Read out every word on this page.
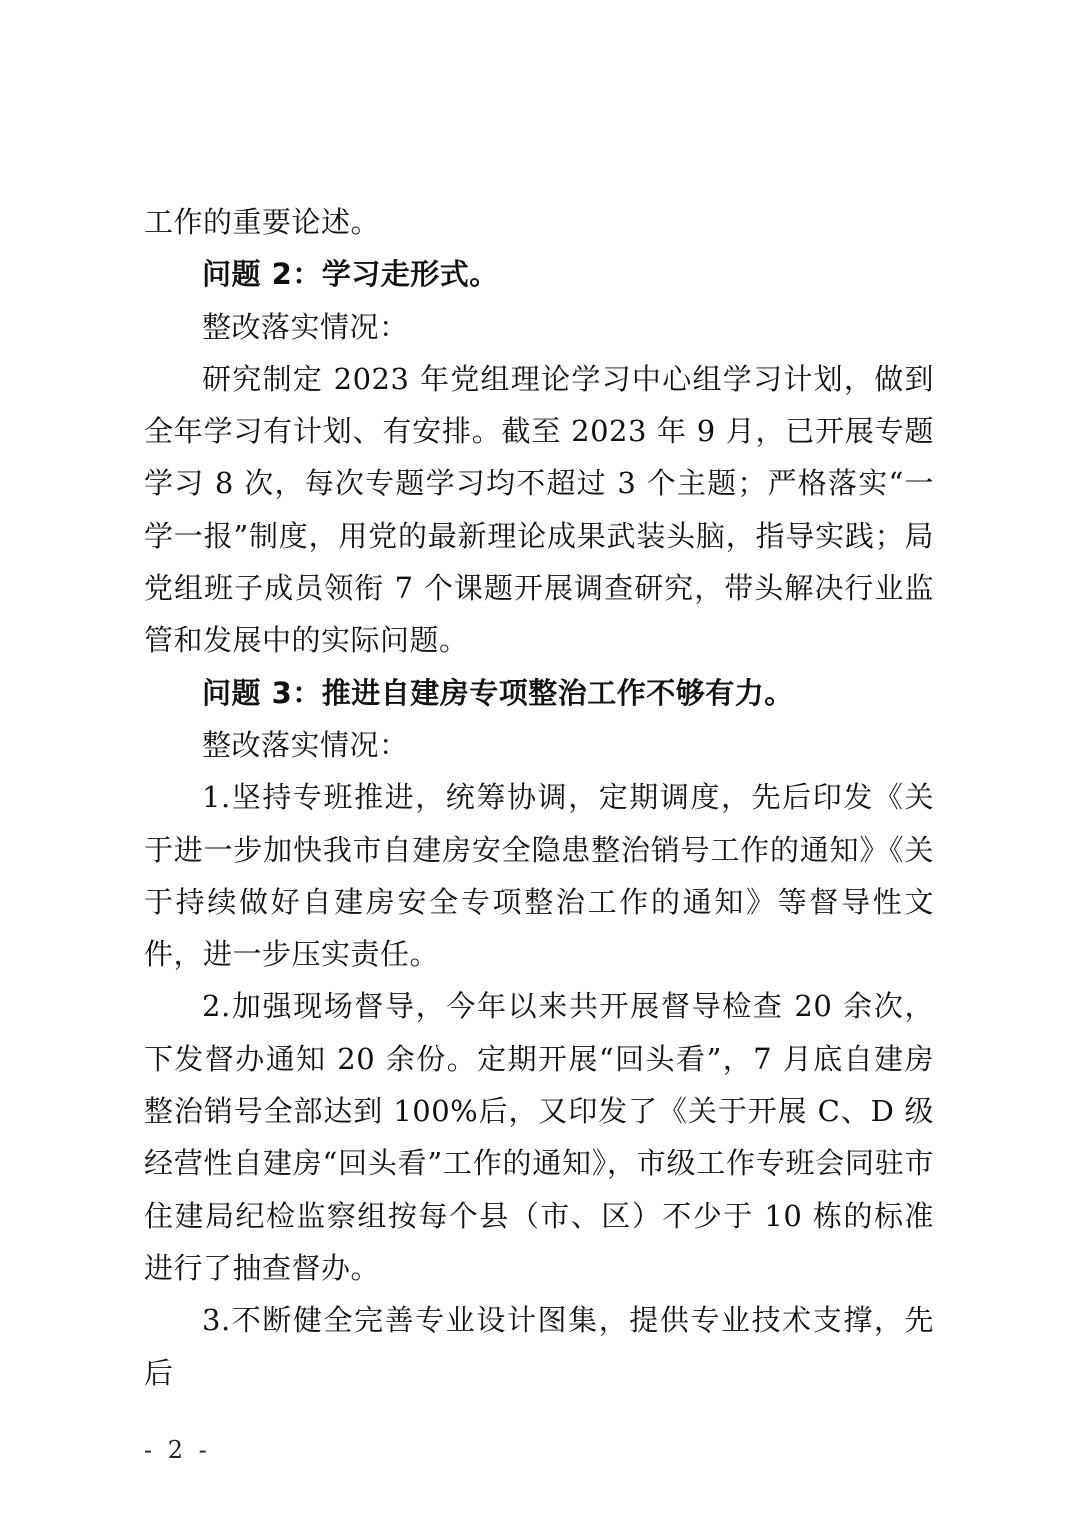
工作的重要论述。

问题 2：学习走形式。

整改落实情况：

研究制定 2023 年党组理论学习中心组学习计划，做到全年学习有计划、有安排。截至 2023 年 9 月，已开展专题学习 8 次，每次专题学习均不超过 3 个主题；严格落实“一学一报”制度，用党的最新理论成果武装头脑，指导实践；局党组班子成员领衔 7 个课题开展调查研究，带头解决行业监管和发展中的实际问题。

问题 3：推进自建房专项整治工作不够有力。

整改落实情况：

1.坚持专班推进，统筹协调，定期调度，先后印发《关于进一步加快我市自建房安全隐患整治销号工作的通知》《关于持续做好自建房安全专项整治工作的通知》等督导性文件，进一步压实责任。

2.加强现场督导，今年以来共开展督导检查 20 余次，下发督办通知 20 余份。定期开展“回头看”，7 月底自建房整治销号全部达到 100%后，又印发了《关于开展 C、D 级经营性自建房“回头看”工作的通知》，市级工作专班会同驻市住建局纪检监察组按每个县（市、区）不少于 10 栋的标准进行了抽查督办。

3.不断健全完善专业设计图集，提供专业技术支撑，先后

- 2 -
